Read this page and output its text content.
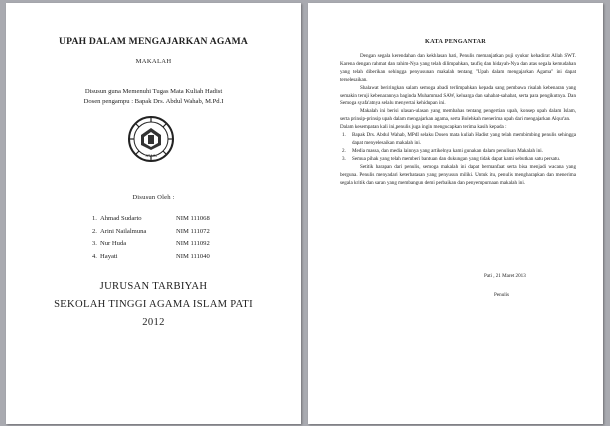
UPAH DALAM MENGAJARKAN AGAMA
MAKALAH
Disusun guna Memenuhi Tugas Mata Kuliah Hadist
Dosen pengampu : Bapak Drs. Abdul Wahab, M.Pd.I
STAIN
Disusun Oleh :
1. Ahmad Sudarto	NIM 111068
2. Arini Nailalmuna	NIM 111072
3. Nur Huda	NIM 111092
4. Hayati	NIM 111040
JURUSAN TARBIYAH
SEKOLAH TINGGI AGAMA ISLAM PATI
2012
KATA PENGANTAR

Dengan segala kerendahan dan kekhlasan hati, Penulis memanjatkan puji syukur kehadirat Allah SWT. Karena dengan rahmat dan rahim-Nya yang telah dilimpahkan, taufiq dan hidayah-Nya dan atas segala kemudahan yang telah diberikan sehingga penyusunan makalah tentang "Upah dalam mengajarkan Agama" ini dapat terselesaikan.

Shalawat beriringkan salam semoga abadi terlimpahkan kepada sang pembawa risalah kebenaran yang semakin teruji kebenarannya baginda Muhammad SAW, keluarga dan sahabat-sahabat, serta para pengikutnya. Dan Semoga syafa'atnya selalu menyertai kehidupan ini.

Makalah ini berisi ulasan-ulasan yang membahas tentang pengertian upah, konsep upah dalam Islam, serta prinsip-prinsip upah dalam mengajarkan agama, serta Bolehkah menerima upah dari mengajarkan Alqur'an.

Dalam kesempatan kali ini,penulis juga ingin mengucapkan terima kasih kepada :

1. Bapak Drs. Abdul Wahab, MPdI selaku Dosen mata kuliah Hadist yang telah membimbing penulis sehingga dapat menyelesaikan makalah ini.
2. Media massa, dan media lainnya yang artikelnya kami gunakan dalam penulisan Makalah ini.
3. Semua pihak yang telah memberi bantuan dan dukungan yang tidak dapat kami sebutkan satu persatu.

Setitik harapan dari penulis, semoga makalah ini dapat bermanfaat serta bisa menjadi wacana yang berguna. Penulis menyadari keterbatasan yang penyusun miliki. Untuk itu, penulis mengharapkan dan menerima segala kritik dan saran yang membangun demi perbaikan dan penyempurnaan makalah ini.

Pati , 21 Maret 2013
Penulis
